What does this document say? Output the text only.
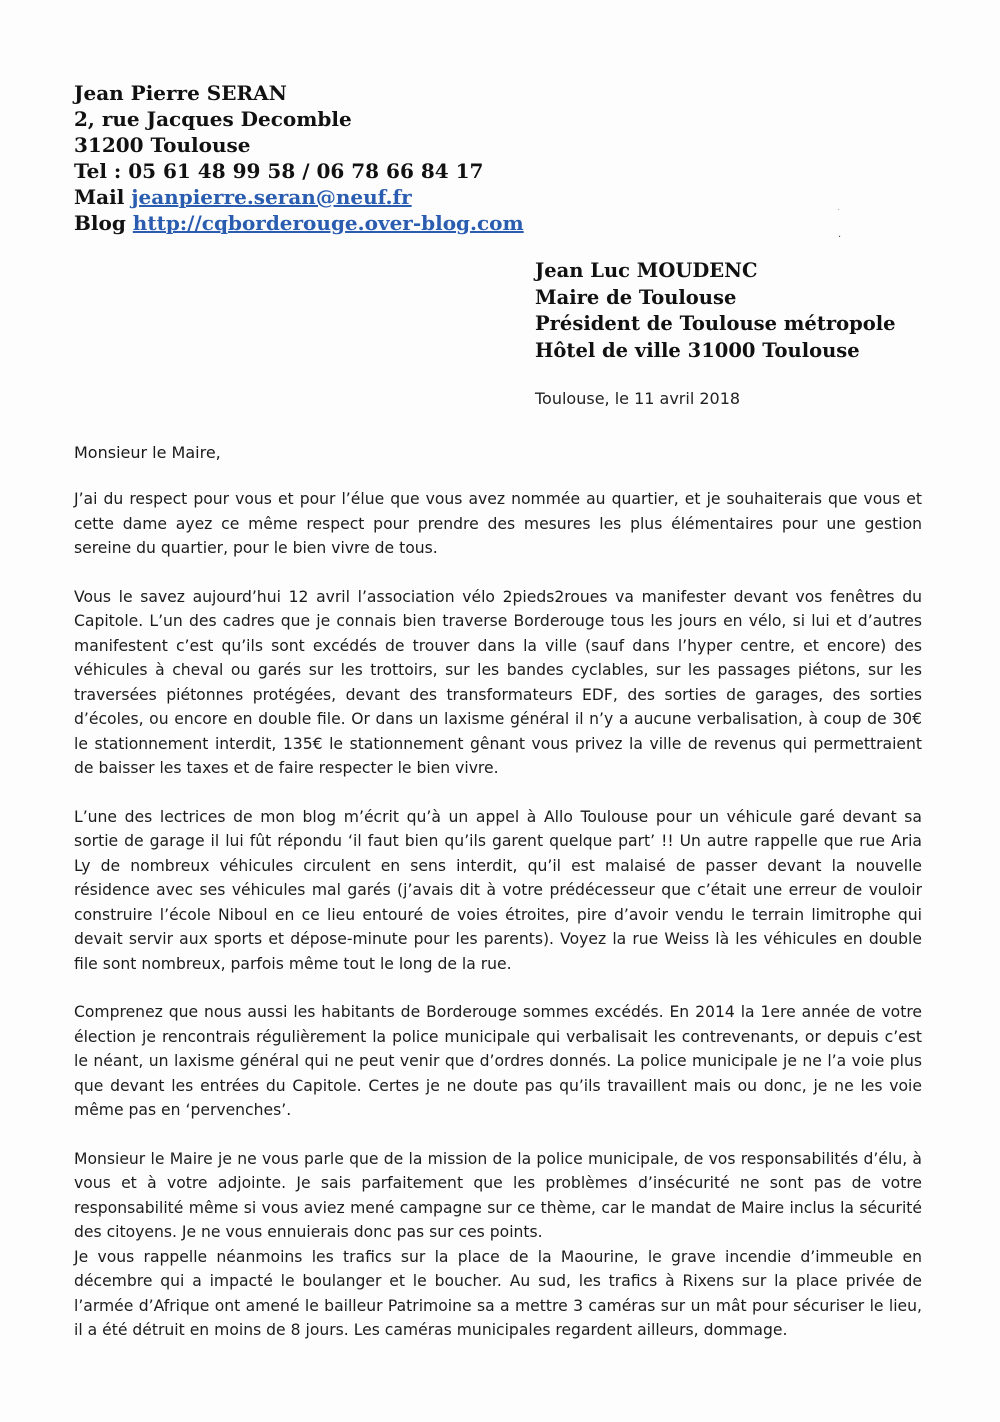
Jean Pierre SERAN
2, rue Jacques Decomble
31200 Toulouse
Tel : 05 61 48 99 58 / 06 78 66 84 17
Mail jeanpierre.seran@neuf.fr
Blog http://cqborderouge.over-blog.com
·
Jean Luc MOUDENC
Maire de Toulouse
Président de Toulouse métropole
Hôtel de ville 31000 Toulouse
Toulouse, le 11 avril 2018
Monsieur le Maire,

J’ai du respect pour vous et pour l’élue que vous avez nommée au quartier, et je souhaiterais que vous et cette dame ayez ce même respect pour prendre des mesures les plus élémentaires pour une gestion sereine du quartier, pour le bien vivre de tous.

Vous le savez aujourd’hui 12 avril l’association vélo 2pieds2roues va manifester devant vos fenêtres du Capitole. L’un des cadres que je connais bien traverse Borderouge tous les jours en vélo, si lui et d’autres manifestent c’est qu’ils sont excédés de trouver dans la ville (sauf dans l’hyper centre, et encore) des véhicules à cheval ou garés sur les trottoirs, sur les bandes cyclables, sur les passages piétons, sur les traversées piétonnes protégées, devant des transformateurs EDF, des sorties de garages, des sorties d’écoles, ou encore en double file. Or dans un laxisme général il n’y a aucune verbalisation, à coup de 30€ le stationnement interdit, 135€ le stationnement gênant vous privez la ville de revenus qui permettraient de baisser les taxes et de faire respecter le bien vivre.

L’une des lectrices de mon blog m’écrit qu’à un appel à Allo Toulouse pour un véhicule garé devant sa sortie de garage il lui fût répondu ‘il faut bien qu’ils garent quelque part’ !! Un autre rappelle que rue Aria Ly de nombreux véhicules circulent en sens interdit, qu’il est malaisé de passer devant la nouvelle résidence avec ses véhicules mal garés (j’avais dit à votre prédécesseur que c’était une erreur de vouloir construire l’école Niboul en ce lieu entouré de voies étroites, pire d’avoir vendu le terrain limitrophe qui devait servir aux sports et dépose-minute pour les parents). Voyez la rue Weiss là les véhicules en double file sont nombreux, parfois même tout le long de la rue.

Comprenez que nous aussi les habitants de Borderouge sommes excédés. En 2014 la 1ere année de votre élection je rencontrais régulièrement la police municipale qui verbalisait les contrevenants, or depuis c’est le néant, un laxisme général qui ne peut venir que d’ordres donnés. La police municipale je ne l’a voie plus que devant les entrées du Capitole. Certes je ne doute pas qu’ils travaillent mais ou donc, je ne les voie même pas en ‘pervenches’.

Monsieur le Maire je ne vous parle que de la mission de la police municipale, de vos responsabilités d’élu, à vous et à votre adjointe. Je sais parfaitement que les problèmes d’insécurité ne sont pas de votre responsabilité même si vous aviez mené campagne sur ce thème, car le mandat de Maire inclus la sécurité des citoyens. Je ne vous ennuierais donc pas sur ces points.

Je vous rappelle néanmoins les trafics sur la place de la Maourine, le grave incendie d’immeuble en décembre qui a impacté le boulanger et le boucher. Au sud, les trafics à Rixens sur la place privée de l’armée d’Afrique ont amené le bailleur Patrimoine sa a mettre 3 caméras sur un mât pour sécuriser le lieu, il a été détruit en moins de 8 jours. Les caméras municipales regardent ailleurs, dommage.
